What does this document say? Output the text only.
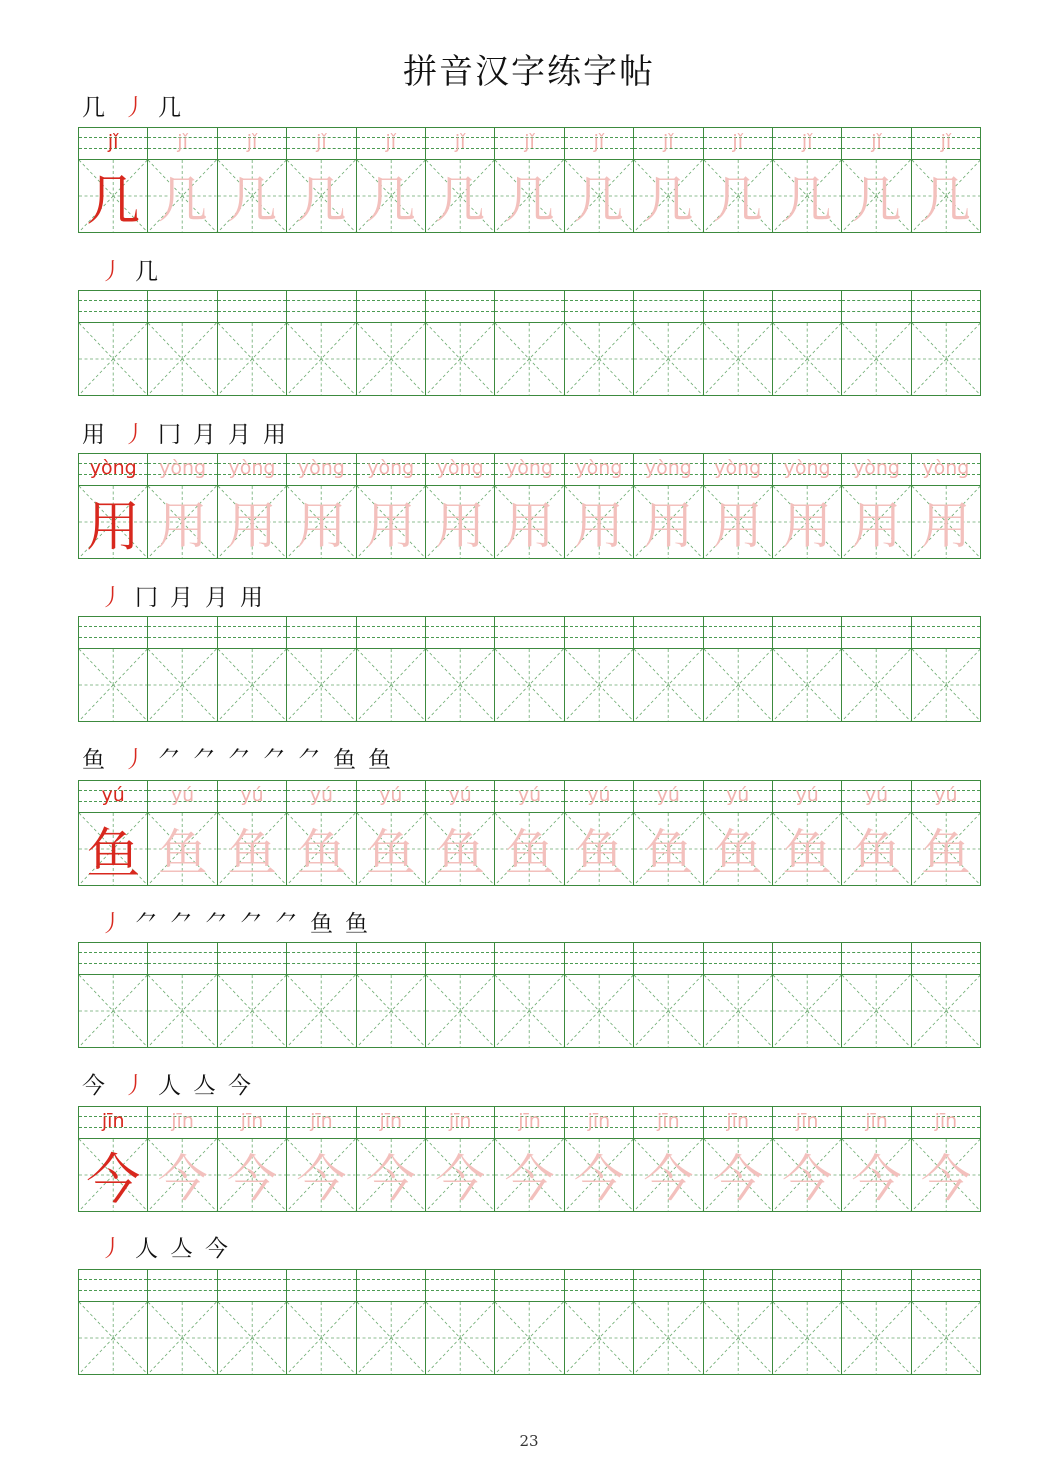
拼音汉字练字帖
几 丿 几
jǐ
几
jǐ
几
jǐ
几
jǐ
几
jǐ
几
jǐ
几
jǐ
几
jǐ
几
jǐ
几
jǐ
几
jǐ
几
jǐ
几
jǐ
几
丿 几
用 丿 冂 月 月 用
yòng
用
yòng
用
yòng
用
yòng
用
yòng
用
yòng
用
yòng
用
yòng
用
yòng
用
yòng
用
yòng
用
yòng
用
yòng
用
丿 冂 月 月 用
鱼 丿 ⺈ ⺈ ⺈ ⺈ ⺈ 鱼 鱼
yú
鱼
yú
鱼
yú
鱼
yú
鱼
yú
鱼
yú
鱼
yú
鱼
yú
鱼
yú
鱼
yú
鱼
yú
鱼
yú
鱼
yú
鱼
丿 ⺈ ⺈ ⺈ ⺈ ⺈ 鱼 鱼
今 丿 人 亼 今
jīn
今
jīn
今
jīn
今
jīn
今
jīn
今
jīn
今
jīn
今
jīn
今
jīn
今
jīn
今
jīn
今
jīn
今
jīn
今
丿 人 亼 今
23
